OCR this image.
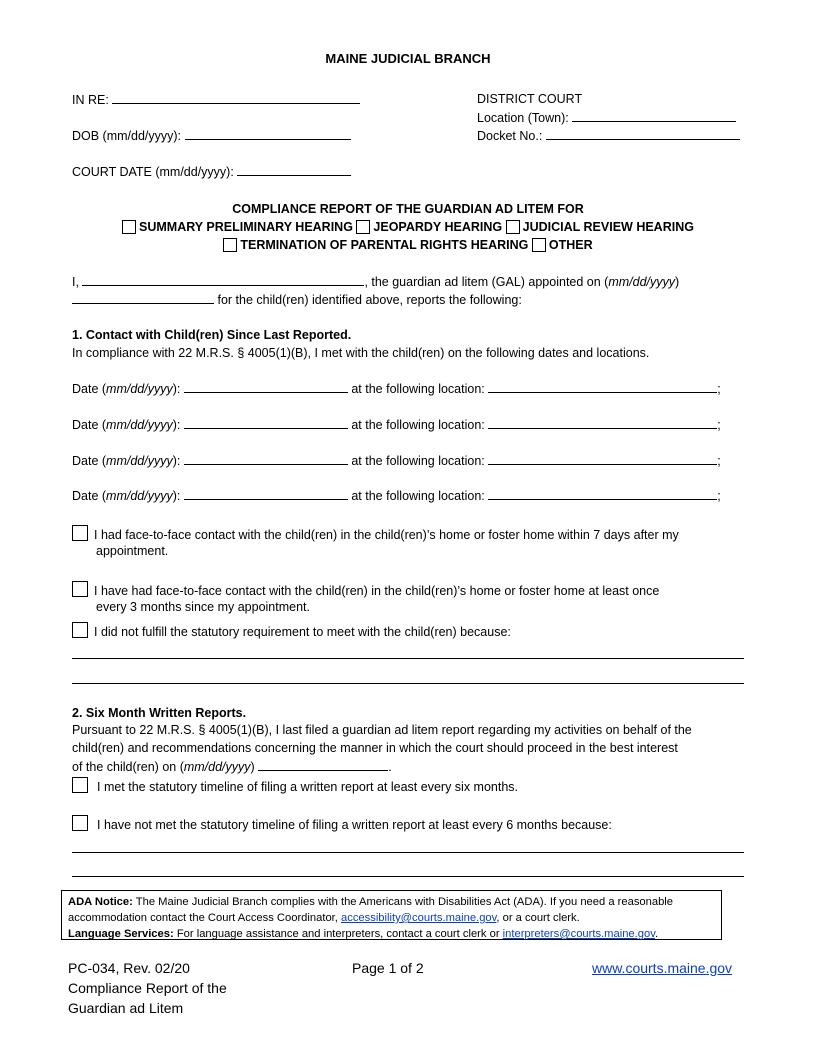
MAINE JUDICIAL BRANCH
IN RE:
DOB (mm/dd/yyyy):
COURT DATE (mm/dd/yyyy):
DISTRICT COURT
Location (Town):
Docket No.:
COMPLIANCE REPORT OF THE GUARDIAN AD LITEM FOR
SUMMARY PRELIMINARY HEARING JEOPARDY HEARING JUDICIAL REVIEW HEARING
TERMINATION OF PARENTAL RIGHTS HEARING OTHER
I,	, the guardian ad litem (GAL) appointed on (mm/dd/yyyy)
for the child(ren) identified above, reports the following:
1. Contact with Child(ren) Since Last Reported.
In compliance with 22 M.R.S. § 4005(1)(B), I met with the child(ren) on the following dates and locations.
Date (mm/dd/yyyy):	at the following location:	;
Date (mm/dd/yyyy):	at the following location:	;
Date (mm/dd/yyyy):	at the following location:	;
Date (mm/dd/yyyy):	at the following location:	;
I had face-to-face contact with the child(ren) in the child(ren)’s home or foster home within 7 days after my
appointment.
I have had face-to-face contact with the child(ren) in the child(ren)’s home or foster home at least once
every 3 months since my appointment.
I did not fulfill the statutory requirement to meet with the child(ren) because:
2. Six Month Written Reports.
Pursuant to 22 M.R.S. § 4005(1)(B), I last filed a guardian ad litem report regarding my activities on behalf of the
child(ren) and recommendations concerning the manner in which the court should proceed in the best interest
of the child(ren) on (mm/dd/yyyy)	.
I met the statutory timeline of filing a written report at least every six months.
I have not met the statutory timeline of filing a written report at least every 6 months because:
ADA Notice: The Maine Judicial Branch complies with the Americans with Disabilities Act (ADA). If you need a reasonable
accommodation contact the Court Access Coordinator, accessibility@courts.maine.gov, or a court clerk.
Language Services: For language assistance and interpreters, contact a court clerk or interpreters@courts.maine.gov.
PC-034, Rev. 02/20
Compliance Report of the
Guardian ad Litem
Page 1 of 2	www.courts.maine.gov
